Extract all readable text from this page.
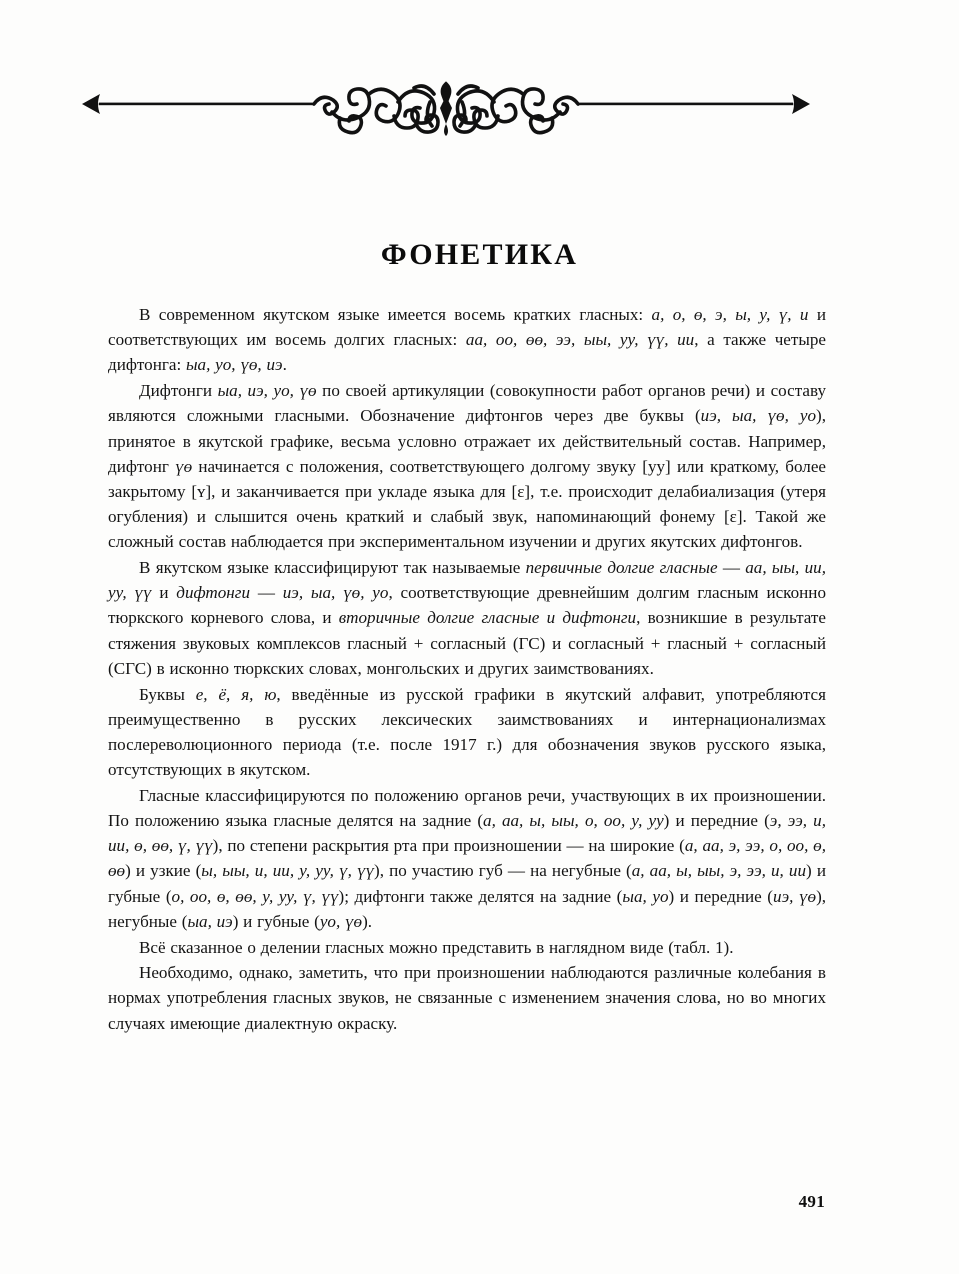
ФОНЕТИКА

В современном якутском языке имеется восемь кратких гласных: а, о, ө, э, ы, у, ү, и и соответствующих им восемь долгих гласных: аа, оо, өө, ээ, ыы, уу, үү, ии, а также четыре дифтонга: ыа, уо, үө, иэ.

Дифтонги ыа, иэ, уо, үө по своей артикуляции (совокупности работ органов речи) и составу являются сложными гласными. Обозначение дифтонгов через две буквы (иэ, ыа, үө, уо), принятое в якутской графике, весьма условно отражает их действительный состав. Например, дифтонг үө начинается с положения, соответствующего долгому звуку [уу] или краткому, более закрытому [ʏ], и заканчивается при укладе языка для [ɛ], т.е. происходит делабиализация (утеря огубления) и слышится очень краткий и слабый звук, напоминающий фонему [ɛ]. Такой же сложный состав наблюдается при экспериментальном изучении и других якутских дифтонгов.

В якутском языке классифицируют так называемые первичные долгие гласные — аа, ыы, ии, уу, үү и дифтонги — иэ, ыа, үө, уо, соответствующие древнейшим долгим гласным исконно тюркского корневого слова, и вторичные долгие гласные и дифтонги, возникшие в результате стяжения звуковых комплексов гласный + согласный (ГС) и согласный + гласный + согласный (СГС) в исконно тюркских словах, монгольских и других заимствованиях.

Буквы е, ё, я, ю, введённые из русской графики в якутский алфавит, употребляются преимущественно в русских лексических заимствованиях и интернационализмах послереволюционного периода (т.е. после 1917 г.) для обозначения звуков русского языка, отсутствующих в якутском.

Гласные классифицируются по положению органов речи, участвующих в их произношении. По положению языка гласные делятся на задние (а, аа, ы, ыы, о, оо, у, уу) и передние (э, ээ, и, ии, ө, өө, ү, үү), по степени раскрытия рта при произношении — на широкие (а, аа, э, ээ, о, оо, ө, өө) и узкие (ы, ыы, и, ии, у, уу, ү, үү), по участию губ — на негубные (а, аа, ы, ыы, э, ээ, и, ии) и губные (о, оо, ө, өө, у, уу, ү, үү); дифтонги также делятся на задние (ыа, уо) и передние (иэ, үө), негубные (ыа, иэ) и губные (уо, үө).

Всё сказанное о делении гласных можно представить в наглядном виде (табл. 1).

Необходимо, однако, заметить, что при произношении наблюдаются различные колебания в нормах употребления гласных звуков, не связанные с изменением значения слова, но во многих случаях имеющие диалектную окраску.

491
